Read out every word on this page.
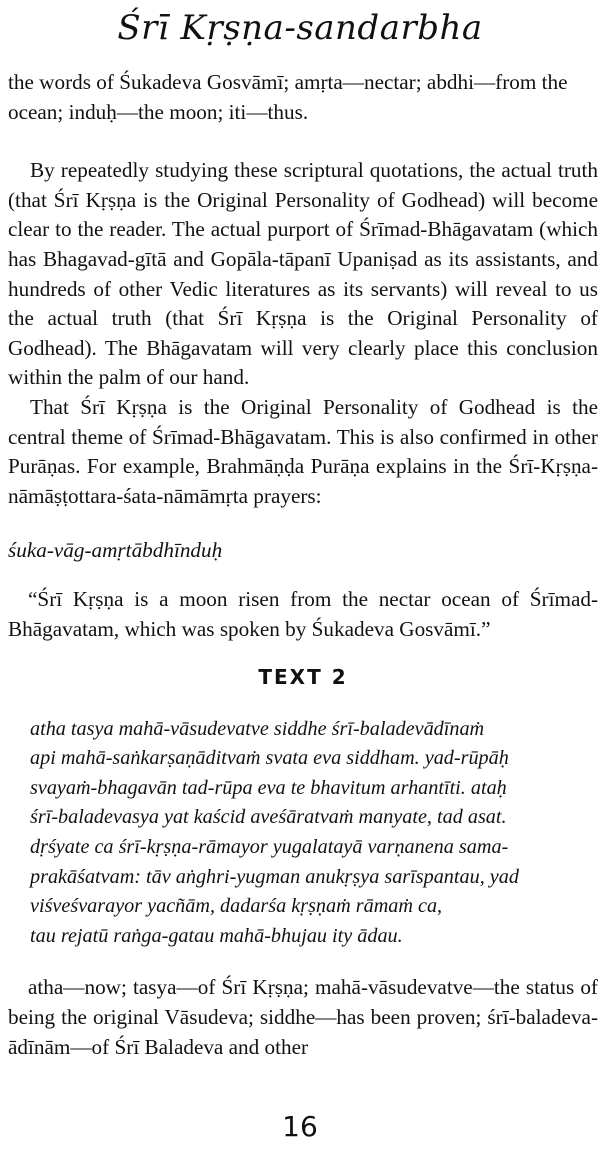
Śrī Kṛṣṇa-sandarbha

the words of Śukadeva Gosvāmī; amṛta—nectar; abdhi—from the ocean; induḥ—the moon; iti—thus.

By repeatedly studying these scriptural quotations, the actual truth (that Śrī Kṛṣṇa is the Original Personality of Godhead) will become clear to the reader. The actual purport of Śrīmad-Bhāgavatam (which has Bhagavad-gītā and Gopāla-tāpanī Upaniṣad as its assistants, and hundreds of other Vedic literatures as its servants) will reveal to us the actual truth (that Śrī Kṛṣṇa is the Original Personality of Godhead). The Bhāgavatam will very clearly place this conclusion within the palm of our hand.

That Śrī Kṛṣṇa is the Original Personality of Godhead is the central theme of Śrīmad-Bhāgavatam. This is also confirmed in other Purāṇas. For example, Brahmāṇḍa Purāṇa explains in the Śrī-Kṛṣṇa-nāmāṣṭottara-śata-nāmāmṛta prayers:

śuka-vāg-amṛtābdhīnduḥ

“Śrī Kṛṣṇa is a moon risen from the nectar ocean of Śrīmad-Bhāgavatam, which was spoken by Śukadeva Gosvāmī.”

TEXT 2
atha tasya mahā-vāsudevatve siddhe śrī-baladevādīnaṁ
api mahā-saṅkarṣaṇāditvaṁ svata eva siddham. yad-rūpāḥ
svayaṁ-bhagavān tad-rūpa eva te bhavitum arhantīti. ataḥ
śrī-baladevasya yat kaścid aveśāratvaṁ manyate, tad asat.
dṛśyate ca śrī-kṛṣṇa-rāmayor yugalatayā varṇanena sama-
prakāśatvam: tāv aṅghri-yugman anukṛṣya sarīspantau, yad
viśveśvarayor yacñām, dadarśa kṛṣṇaṁ rāmaṁ ca,
tau rejatū raṅga-gatau mahā-bhujau ity ādau.

atha—now; tasya—of Śrī Kṛṣṇa; mahā-vāsudevatve—the status of being the original Vāsudeva; siddhe—has been proven; śrī-baladeva-ādīnām—of Śrī Baladeva and other

16
